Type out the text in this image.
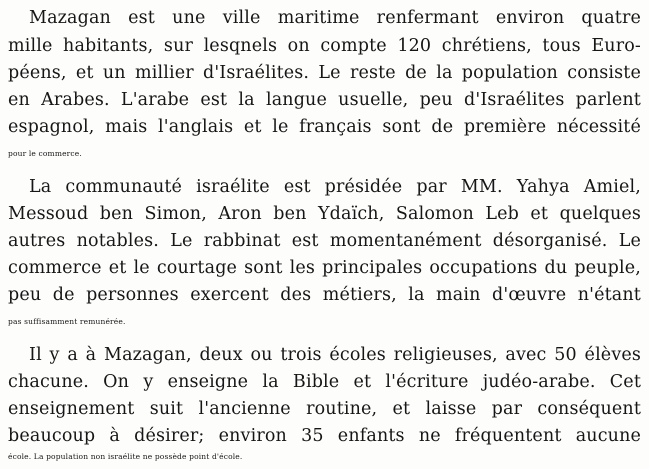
Mazagan est une ville maritime renfermant environ quatre
mille habitants, sur lesqnels on compte 120 chrétiens, tous Euro-
péens, et un millier d'Israélites. Le reste de la population consiste
en Arabes. L'arabe est la langue usuelle, peu d'Israélites parlent
espagnol, mais l'anglais et le français sont de première nécessité
pour le commerce.
La communauté israélite est présidée par MM. Yahya Amiel,
Messoud ben Simon, Aron ben Ydaïch, Salomon Leb et quelques
autres notables. Le rabbinat est momentanément désorganisé. Le
commerce et le courtage sont les principales occupations du peuple,
peu de personnes exercent des métiers, la main d'œuvre n'étant
pas suffisamment remunérée.
Il y a à Mazagan, deux ou trois écoles religieuses, avec 50 élèves
chacune. On y enseigne la Bible et l'écriture judéo-arabe. Cet
enseignement suit l'ancienne routine, et laisse par conséquent
beaucoup à désirer; environ 35 enfants ne fréquentent aucune
école. La population non israélite ne possède point d'école.
